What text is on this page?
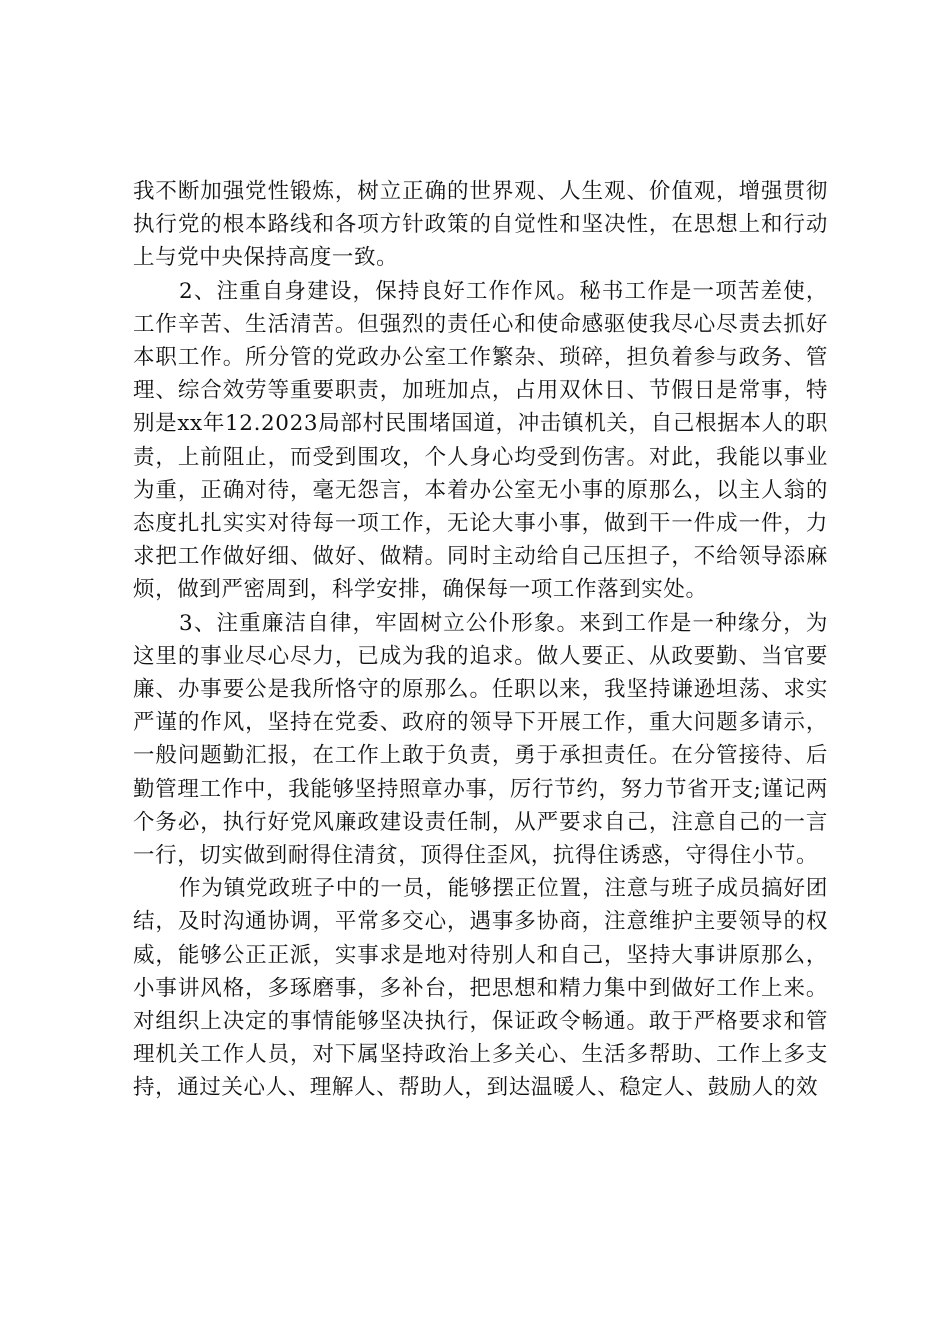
我不断加强党性锻炼，树立正确的世界观、人生观、价值观，增强贯彻执行党的根本路线和各项方针政策的自觉性和坚决性，在思想上和行动上与党中央保持高度一致。

2、注重自身建设，保持良好工作作风。秘书工作是一项苦差使，工作辛苦、生活清苦。但强烈的责任心和使命感驱使我尽心尽责去抓好本职工作。所分管的党政办公室工作繁杂、琐碎，担负着参与政务、管理、综合效劳等重要职责，加班加点，占用双休日、节假日是常事，特别是xx年12.2023局部村民围堵国道，冲击镇机关，自己根据本人的职责，上前阻止，而受到围攻，个人身心均受到伤害。对此，我能以事业为重，正确对待，毫无怨言，本着办公室无小事的原那么，以主人翁的态度扎扎实实对待每一项工作，无论大事小事，做到干一件成一件，力求把工作做好细、做好、做精。同时主动给自己压担子，不给领导添麻烦，做到严密周到，科学安排，确保每一项工作落到实处。

3、注重廉洁自律，牢固树立公仆形象。来到工作是一种缘分，为这里的事业尽心尽力，已成为我的追求。做人要正、从政要勤、当官要廉、办事要公是我所恪守的原那么。任职以来，我坚持谦逊坦荡、求实严谨的作风，坚持在党委、政府的领导下开展工作，重大问题多请示，一般问题勤汇报，在工作上敢于负责，勇于承担责任。在分管接待、后勤管理工作中，我能够坚持照章办事，厉行节约，努力节省开支;谨记两个务必，执行好党风廉政建设责任制，从严要求自己，注意自己的一言一行，切实做到耐得住清贫，顶得住歪风，抗得住诱惑，守得住小节。

作为镇党政班子中的一员，能够摆正位置，注意与班子成员搞好团结，及时沟通协调，平常多交心，遇事多协商，注意维护主要领导的权威，能够公正正派，实事求是地对待别人和自己，坚持大事讲原那么，小事讲风格，多琢磨事，多补台，把思想和精力集中到做好工作上来。对组织上决定的事情能够坚决执行，保证政令畅通。敢于严格要求和管理机关工作人员，对下属坚持政治上多关心、生活多帮助、工作上多支持，通过关心人、理解人、帮助人，到达温暖人、稳定人、鼓励人的效
